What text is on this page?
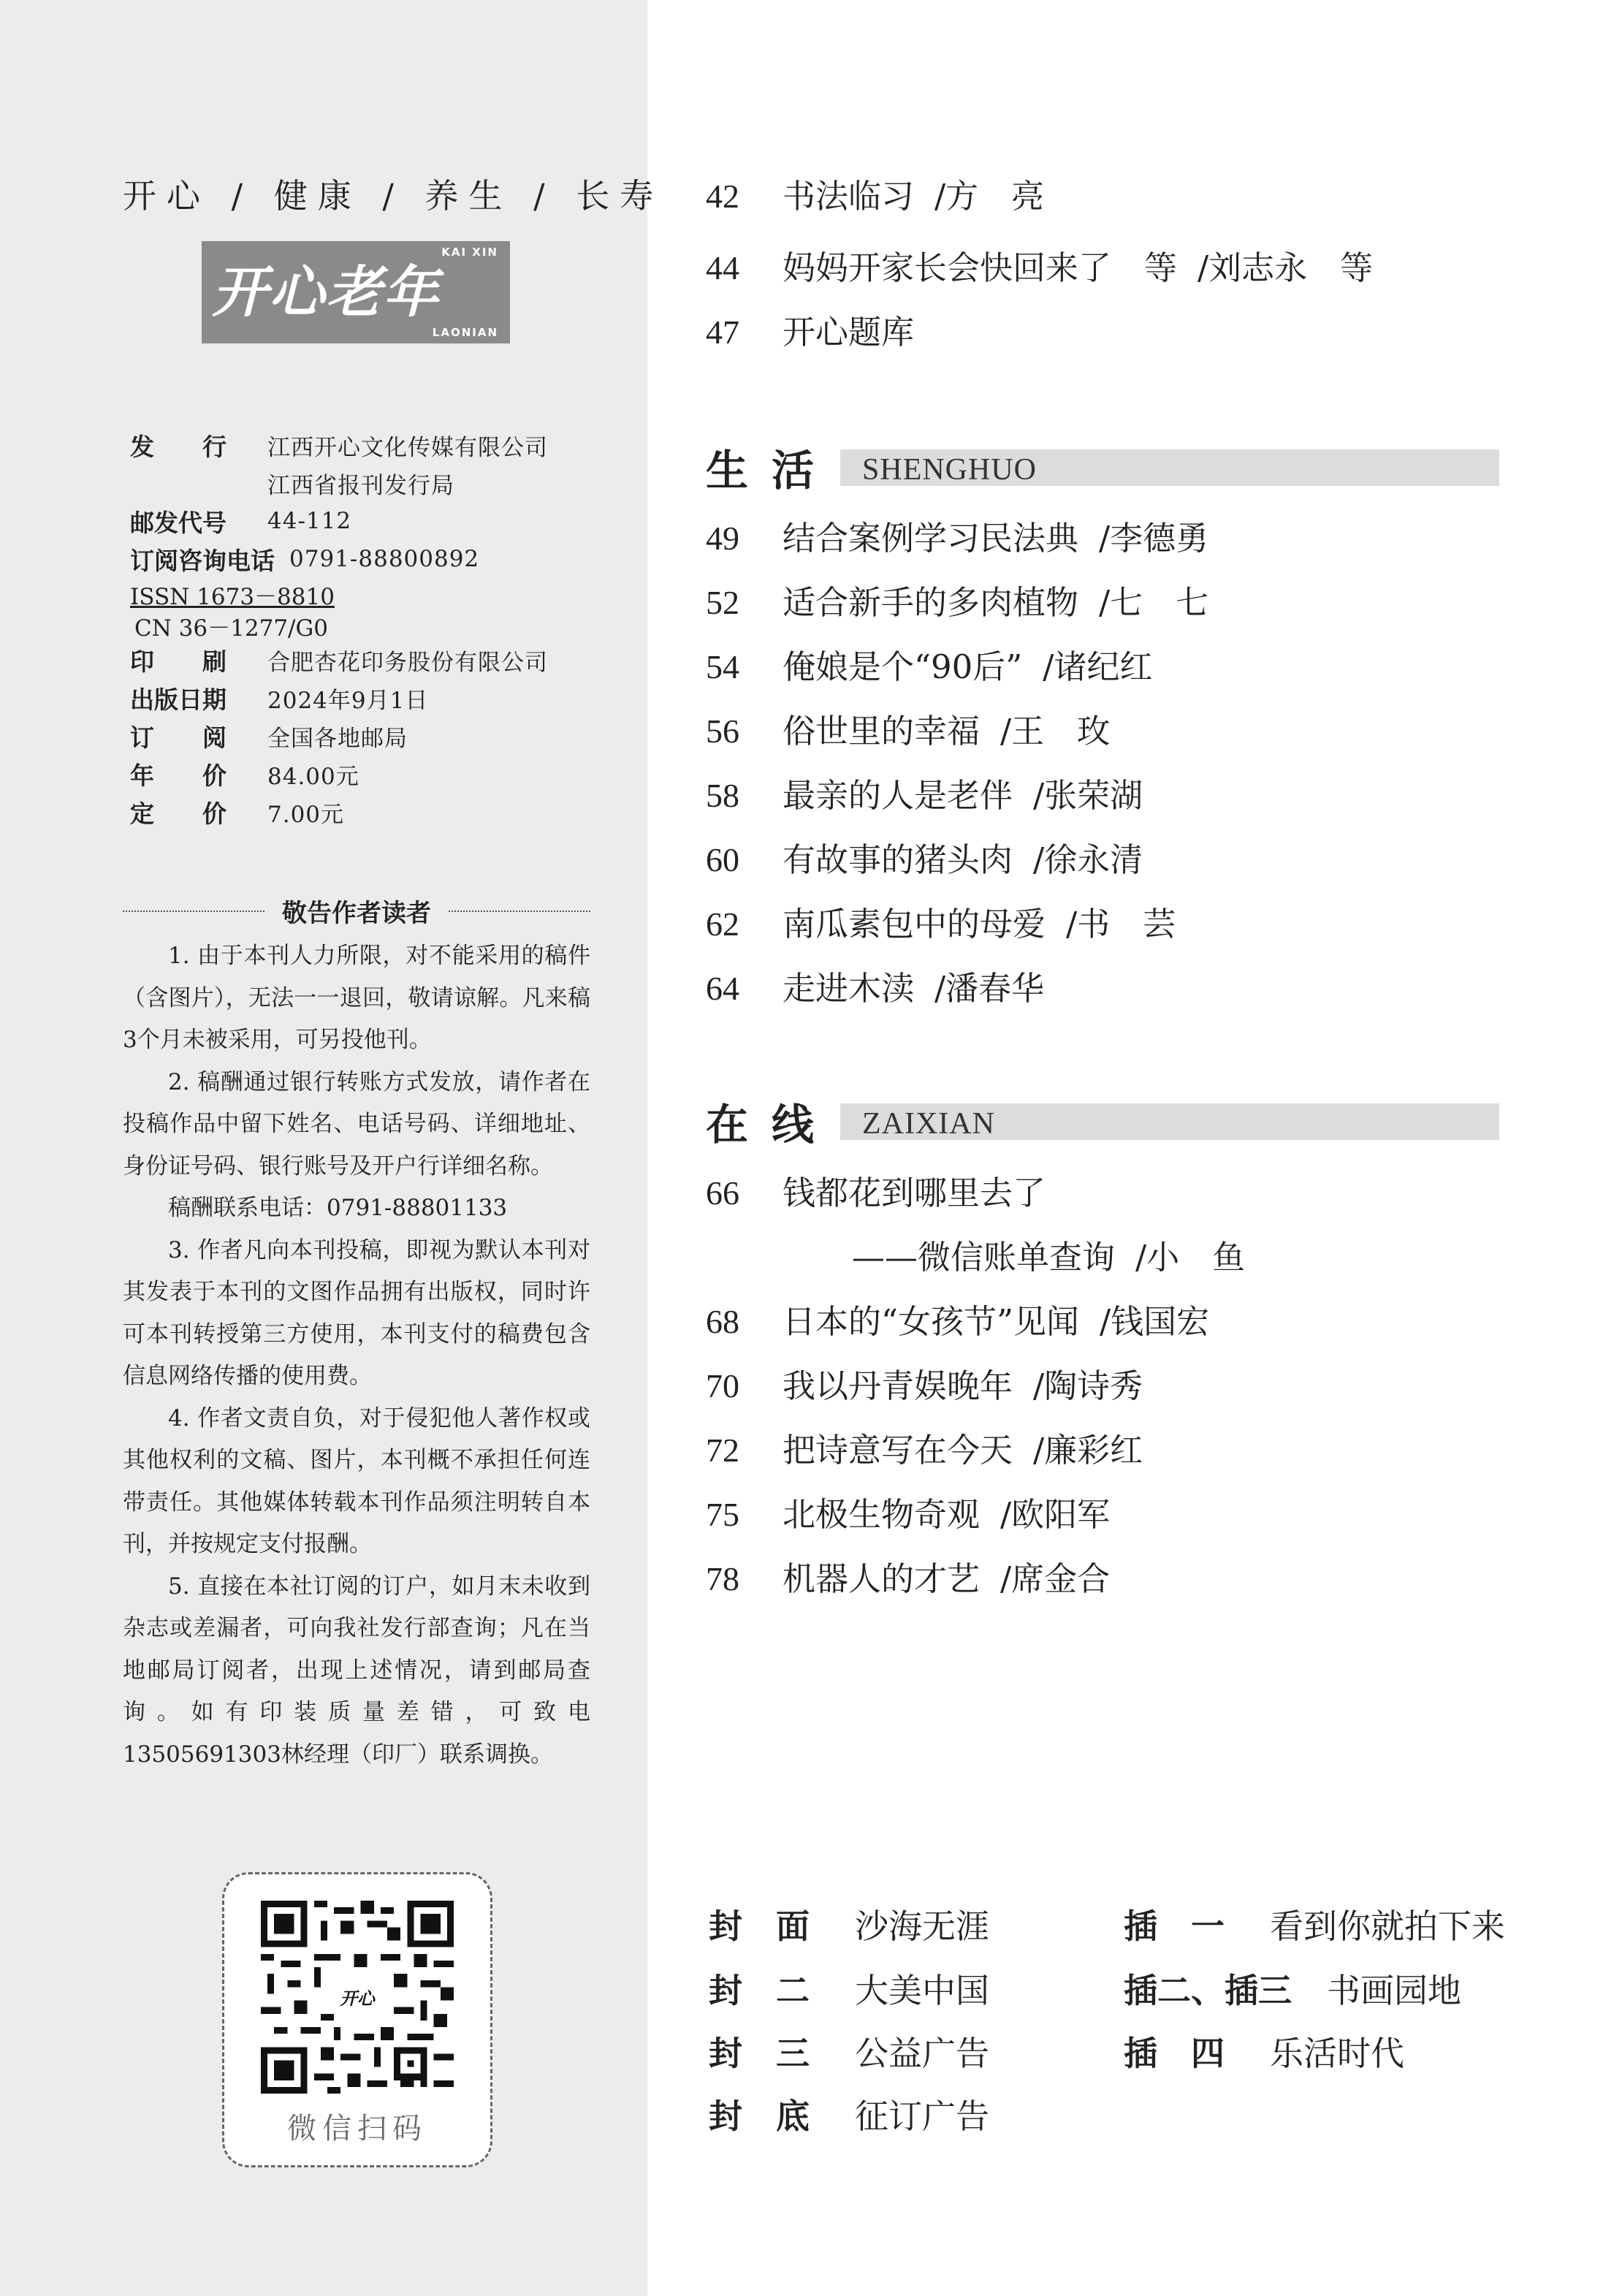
开心 / 健康 / 养生 / 长寿
KAI XIN
开心老年
LAONIAN
发　　行	江西开心文化传媒有限公司
江西省报刊发行局
邮发代号	44-112
订阅咨询电话 0791-88800892
ISSN 1673－8810
CN 36－1277/G0
印　　刷	合肥杏花印务股份有限公司
出版日期	2024年9月1日
订　　阅	全国各地邮局
年　　价	84.00元
定　　价	7.00元
敬告作者读者

1. 由于本刊人力所限，对不能采用的稿件（含图片），无法一一退回，敬请谅解。凡来稿3个月未被采用，可另投他刊。

2. 稿酬通过银行转账方式发放，请作者在投稿作品中留下姓名、电话号码、详细地址、身份证号码、银行账号及开户行详细名称。

稿酬联系电话：0791-88801133

3. 作者凡向本刊投稿，即视为默认本刊对其发表于本刊的文图作品拥有出版权，同时许可本刊转授第三方使用，本刊支付的稿费包含信息网络传播的使用费。

4. 作者文责自负，对于侵犯他人著作权或其他权利的文稿、图片，本刊概不承担任何连带责任。其他媒体转载本刊作品须注明转自本刊，并按规定支付报酬。

5. 直接在本社订阅的订户，如月末未收到杂志或差漏者，可向我社发行部查询；凡在当地邮局订阅者，出现上述情况，请到邮局查询。如有印装质量差错，可致电13505691303林经理（印厂）联系调换。

开心
微信扫码
42	书法临习 /方　亮
44	妈妈开家长会快回来了　等 /刘志永　等
47	开心题库
生活 SHENGHUO
49	结合案例学习民法典 /李德勇
52	适合新手的多肉植物 /七　七
54	俺娘是个“90后” /诸纪红
56	俗世里的幸福 /王　玫
58	最亲的人是老伴 /张荣湖
60	有故事的猪头肉 /徐永清
62	南瓜素包中的母爱 /书　芸
64	走进木渎 /潘春华
在线 ZAIXIAN
66	钱都花到哪里去了
——微信账单查询 /小　鱼
68	日本的“女孩节”见闻 /钱国宏
70	我以丹青娱晚年 /陶诗秀
72	把诗意写在今天 /廉彩红
75	北极生物奇观 /欧阳军
78	机器人的才艺 /席金合
封　面	沙海无涯
封　二	大美中国
封　三	公益广告
封　底	征订广告
插　一	看到你就拍下来
插二、插三	书画园地
插　四	乐活时代
